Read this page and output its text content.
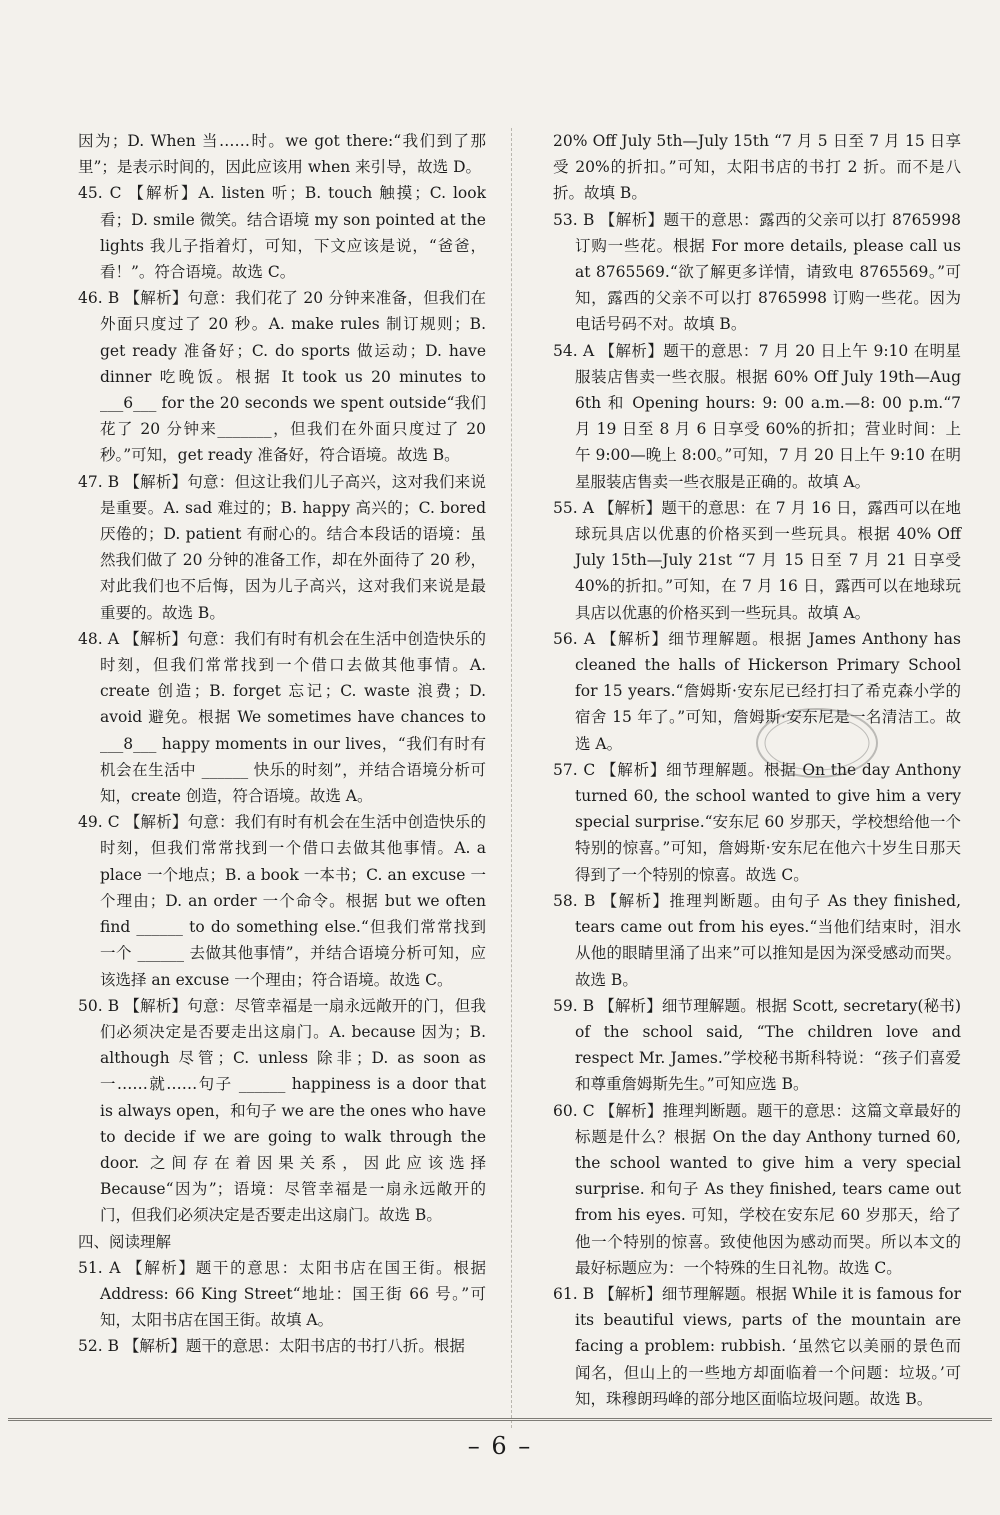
因为；D. When 当……时。we got there:“我们到了那里”；是表示时间的，因此应该用 when 来引导，故选 D。

45. C 【解析】A. listen 听；B. touch 触摸；C. look 看；D. smile 微笑。结合语境 my son pointed at the lights 我儿子指着灯，可知，下文应该是说，“爸爸，看！”。符合语境。故选 C。

46. B 【解析】句意：我们花了 20 分钟来准备，但我们在外面只度过了 20 秒。A. make rules 制订规则；B. get ready 准备好；C. do sports 做运动；D. have dinner 吃晚饭。根据 It took us 20 minutes to ___6___ for the 20 seconds we spent outside“我们花了 20 分钟来_______，但我们在外面只度过了 20 秒。”可知，get ready 准备好，符合语境。故选 B。

47. B 【解析】句意：但这让我们儿子高兴，这对我们来说是重要。A. sad 难过的；B. happy 高兴的；C. bored 厌倦的；D. patient 有耐心的。结合本段话的语境：虽然我们做了 20 分钟的准备工作，却在外面待了 20 秒，对此我们也不后悔，因为儿子高兴，这对我们来说是最重要的。故选 B。

48. A 【解析】句意：我们有时有机会在生活中创造快乐的时刻，但我们常常找到一个借口去做其他事情。A. create 创造；B. forget 忘记；C. waste 浪费；D. avoid 避免。根据 We sometimes have chances to ___8___ happy moments in our lives，“我们有时有机会在生活中 ______ 快乐的时刻”，并结合语境分析可知，create 创造，符合语境。故选 A。

49. C 【解析】句意：我们有时有机会在生活中创造快乐的时刻，但我们常常找到一个借口去做其他事情。A. a place 一个地点；B. a book 一本书；C. an excuse 一个理由；D. an order 一个命令。根据 but we often find ______ to do something else.“但我们常常找到一个 ______ 去做其他事情”，并结合语境分析可知，应该选择 an excuse 一个理由；符合语境。故选 C。

50. B 【解析】句意：尽管幸福是一扇永远敞开的门，但我们必须决定是否要走出这扇门。A. because 因为；B. although 尽管；C. unless 除非；D. as soon as 一……就……句子 ______ happiness is a door that is always open，和句子 we are the ones who have to decide if we are going to walk through the door. 之间存在着因果关系，因此应该选择 Because“因为”；语境：尽管幸福是一扇永远敞开的门，但我们必须决定是否要走出这扇门。故选 B。

四、阅读理解

51. A 【解析】题干的意思：太阳书店在国王街。根据 Address: 66 King Street“地址：国王街 66 号。”可知，太阳书店在国王街。故填 A。

52. B 【解析】题干的意思：太阳书店的书打八折。根据

20% Off July 5th—July 15th “7 月 5 日至 7 月 15 日享受 20%的折扣。”可知，太阳书店的书打 2 折。而不是八折。故填 B。

53. B 【解析】题干的意思：露西的父亲可以打 8765998 订购一些花。根据 For more details, please call us at 8765569.“欲了解更多详情，请致电 8765569。”可知，露西的父亲不可以打 8765998 订购一些花。因为电话号码不对。故填 B。

54. A 【解析】题干的意思：7 月 20 日上午 9:10 在明星服装店售卖一些衣服。根据 60% Off July 19th—Aug 6th 和 Opening hours: 9: 00 a.m.—8: 00 p.m.“7 月 19 日至 8 月 6 日享受 60%的折扣；营业时间：上午 9:00—晚上 8:00。”可知，7 月 20 日上午 9:10 在明星服装店售卖一些衣服是正确的。故填 A。

55. A 【解析】题干的意思：在 7 月 16 日，露西可以在地球玩具店以优惠的价格买到一些玩具。根据 40% Off July 15th—July 21st “7 月 15 日至 7 月 21 日享受 40%的折扣。”可知，在 7 月 16 日，露西可以在地球玩具店以优惠的价格买到一些玩具。故填 A。

56. A 【解析】细节理解题。根据 James Anthony has cleaned the halls of Hickerson Primary School for 15 years.“詹姆斯·安东尼已经打扫了希克森小学的宿舍 15 年了。”可知，詹姆斯·安东尼是一名清洁工。故选 A。

57. C 【解析】细节理解题。根据 On the day Anthony turned 60, the school wanted to give him a very special surprise.“安东尼 60 岁那天，学校想给他一个特别的惊喜。”可知，詹姆斯·安东尼在他六十岁生日那天得到了一个特别的惊喜。故选 C。

58. B 【解析】推理判断题。由句子 As they finished, tears came out from his eyes.“当他们结束时，泪水从他的眼睛里涌了出来”可以推知是因为深受感动而哭。故选 B。

59. B 【解析】细节理解题。根据 Scott, secretary(秘书) of the school said, “The children love and respect Mr. James.”学校秘书斯科特说：“孩子们喜爱和尊重詹姆斯先生。”可知应选 B。

60. C 【解析】推理判断题。题干的意思：这篇文章最好的标题是什么？根据 On the day Anthony turned 60, the school wanted to give him a very special surprise. 和句子 As they finished, tears came out from his eyes. 可知，学校在安东尼 60 岁那天，给了他一个特别的惊喜。致使他因为感动而哭。所以本文的最好标题应为：一个特殊的生日礼物。故选 C。

61. B 【解析】细节理解题。根据 While it is famous for its beautiful views, parts of the mountain are facing a problem: rubbish. ‘虽然它以美丽的景色而闻名，但山上的一些地方却面临着一个问题：垃圾。’可知，珠穆朗玛峰的部分地区面临垃圾问题。故选 B。

– 6 –
